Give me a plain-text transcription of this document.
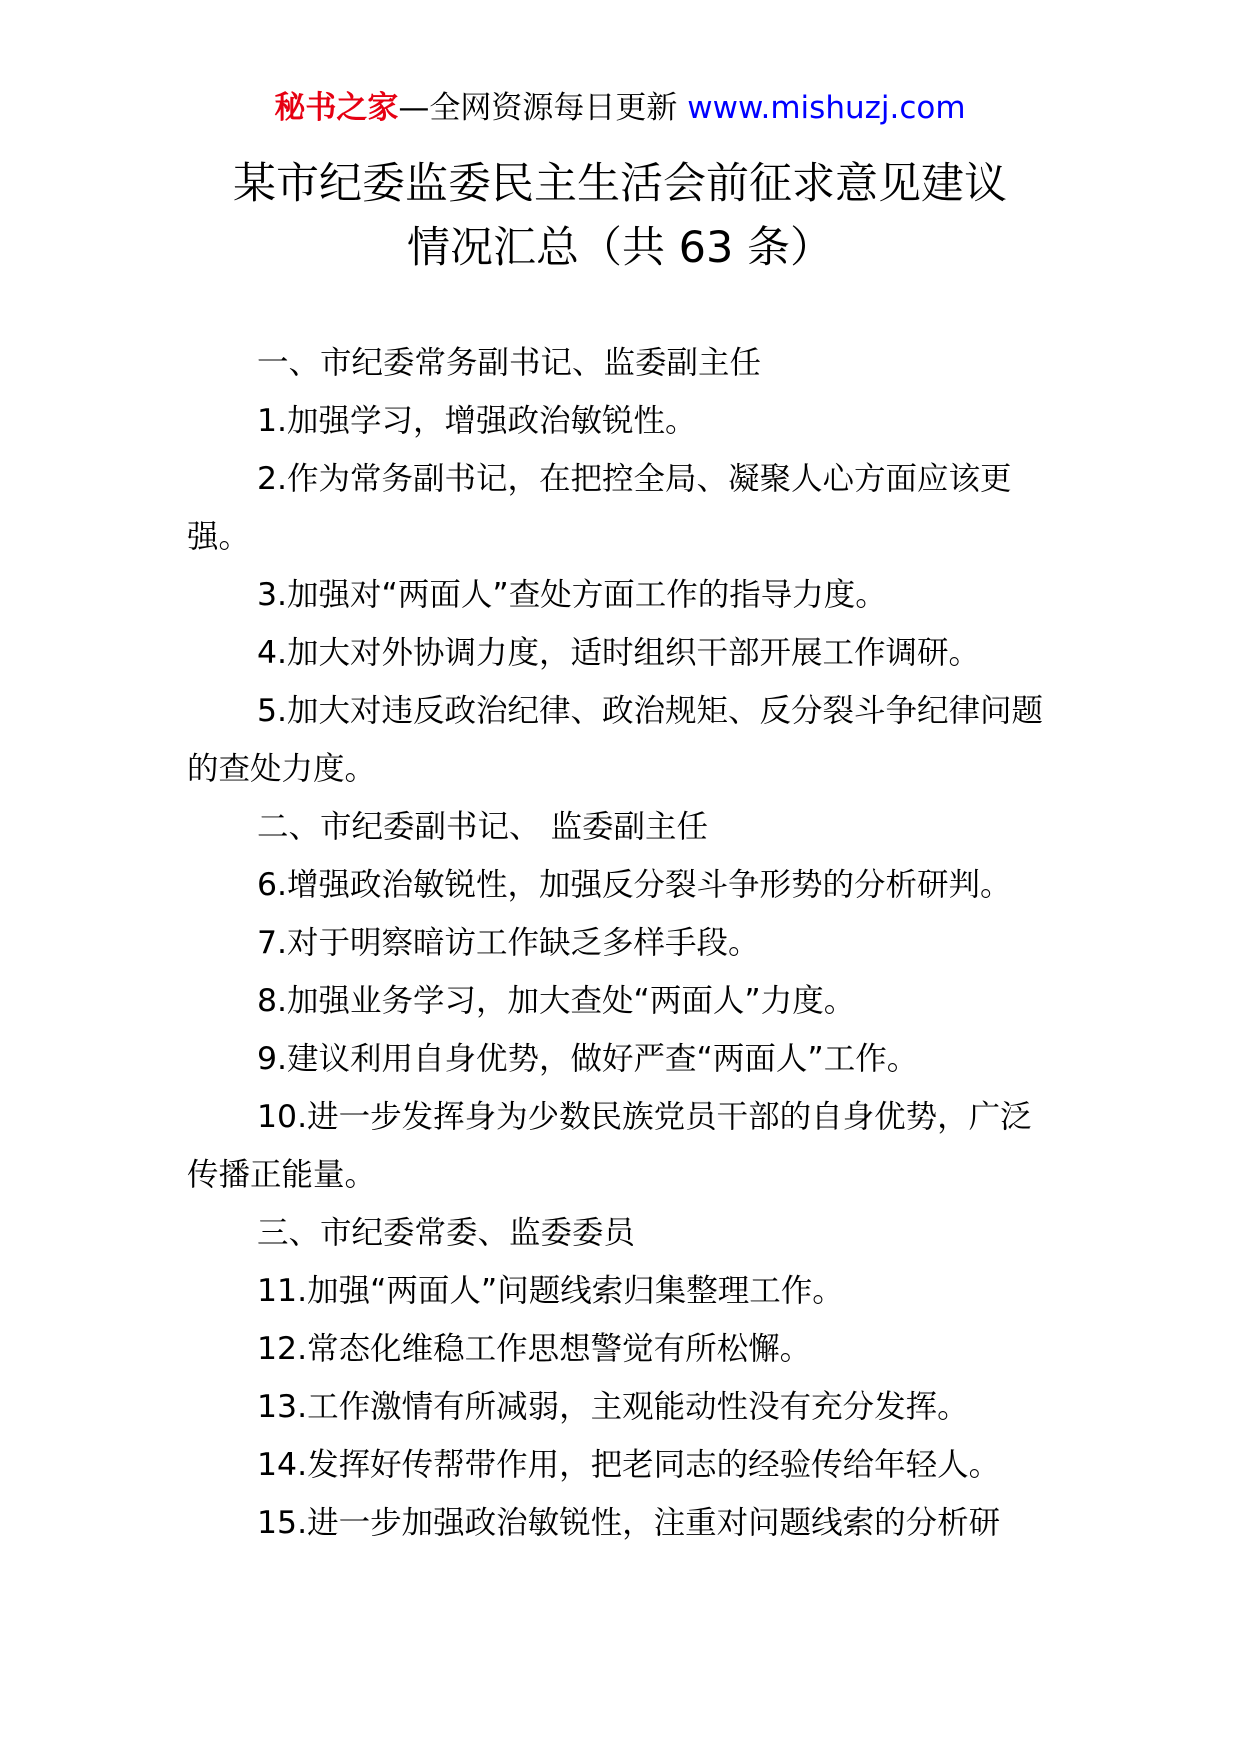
秘书之家—全网资源每日更新 www.mishuzj.com
某市纪委监委民主生活会前征求意见建议
情况汇总（共 63 条）

一、市纪委常务副书记、监委副主任

1.加强学习，增强政治敏锐性。

2.作为常务副书记，在把控全局、凝聚人心方面应该更强。

3.加强对“两面人”查处方面工作的指导力度。

4.加大对外协调力度，适时组织干部开展工作调研。

5.加大对违反政治纪律、政治规矩、反分裂斗争纪律问题的查处力度。

二、市纪委副书记、 监委副主任

6.增强政治敏锐性，加强反分裂斗争形势的分析研判。

7.对于明察暗访工作缺乏多样手段。

8.加强业务学习，加大查处“两面人”力度。

9.建议利用自身优势，做好严查“两面人”工作。

10.进一步发挥身为少数民族党员干部的自身优势，广泛传播正能量。

三、市纪委常委、监委委员

11.加强“两面人”问题线索归集整理工作。

12.常态化维稳工作思想警觉有所松懈。

13.工作激情有所减弱，主观能动性没有充分发挥。

14.发挥好传帮带作用，把老同志的经验传给年轻人。

15.进一步加强政治敏锐性，注重对问题线索的分析研
